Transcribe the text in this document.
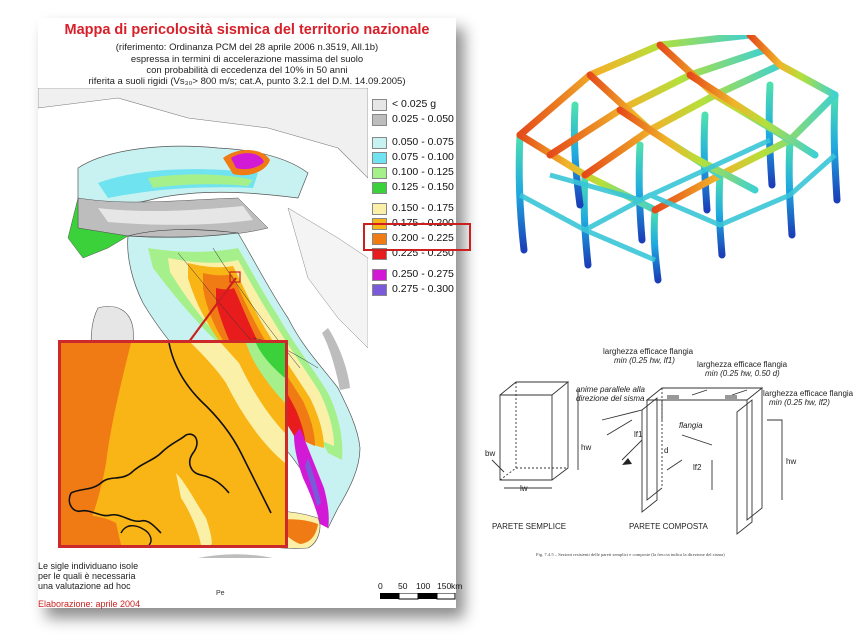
Mappa di pericolosità sismica del territorio nazionale
(riferimento: Ordinanza PCM del 28 aprile 2006 n.3519, All.1b)
espressa in termini di accelerazione massima del suolo
con probabilità di eccedenza del 10% in 50 anni
riferita a suoli rigidi (Vs₃₀> 800 m/s; cat.A, punto 3.2.1 del D.M. 14.09.2005)
< 0.025 g
0.025 - 0.050
0.050 - 0.075
0.075 - 0.100
0.100 - 0.125
0.125 - 0.150
0.150 - 0.175
0.175 - 0.200
0.200 - 0.225
0.225 - 0.250
0.250 - 0.275
0.275 - 0.300
Le sigle individuano isole
per le quali è necessaria
una valutazione ad hoc
Elaborazione: aprile 2004
Pe
0 50 100 150 km
larghezza efficace flangia
min (0.25 hw, lf1)	larghezza efficace flangia
min (0.25 hw, 0.50 d)
larghezza efficace flangia
min (0.25 hw, lf2)
anime parallele alla
direzione del sisma
flangia
lf1
lf2
d
hw
hw
bw
lw
PARETE SEMPLICE	PARETE COMPOSTA
Fig. 7.4.5 – Sezioni resistenti delle pareti semplici e composte (la freccia indica la direzione del sisma)
